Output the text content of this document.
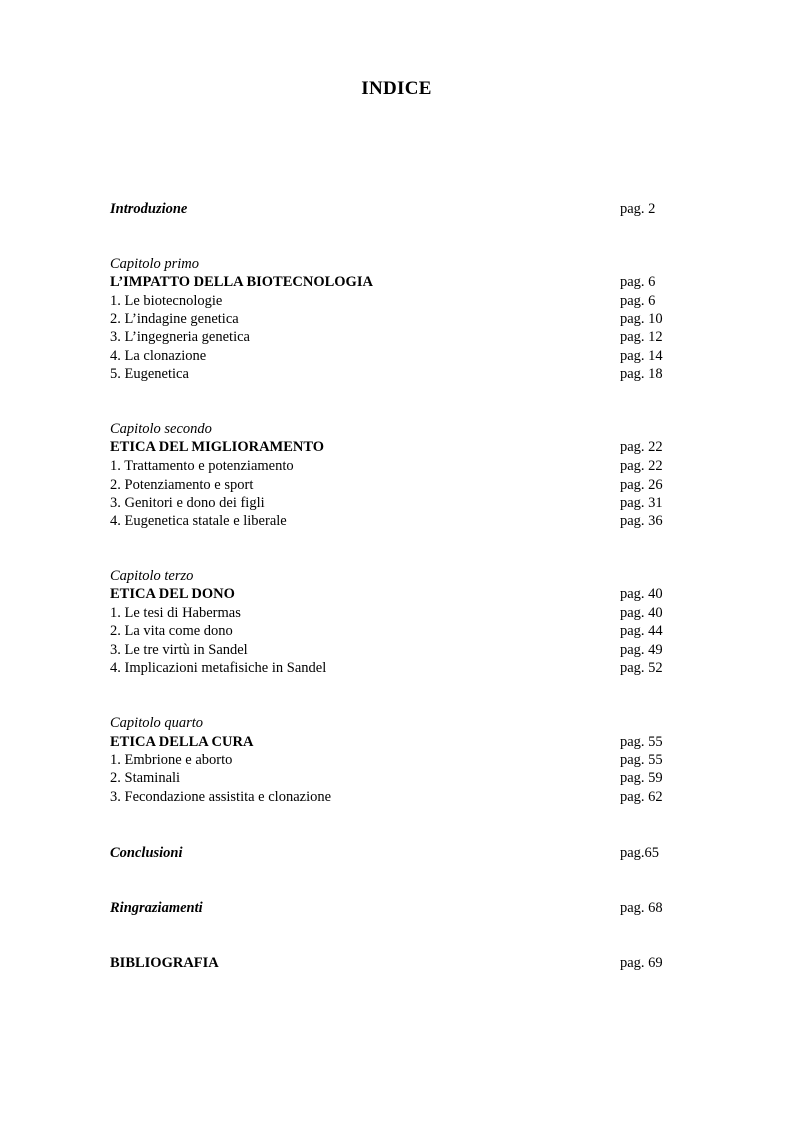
INDICE
Introduzione	pag. 2
Capitolo primo
L’IMPATTO DELLA BIOTECNOLOGIA	pag. 6
1. Le biotecnologie	pag. 6
2. L’indagine genetica	pag. 10
3. L’ingegneria genetica	pag. 12
4. La clonazione	pag. 14
5. Eugenetica	pag. 18
Capitolo secondo
ETICA DEL MIGLIORAMENTO	pag. 22
1. Trattamento e potenziamento	pag. 22
2. Potenziamento e sport	pag. 26
3. Genitori e dono dei figli	pag. 31
4. Eugenetica statale e liberale	pag. 36
Capitolo terzo
ETICA DEL DONO	pag. 40
1. Le tesi di Habermas	pag. 40
2. La vita come dono	pag. 44
3. Le tre virtù in Sandel	pag. 49
4. Implicazioni metafisiche in Sandel	pag. 52
Capitolo quarto
ETICA DELLA CURA	pag. 55
1. Embrione e aborto	pag. 55
2. Staminali	pag. 59
3. Fecondazione assistita e clonazione	pag. 62
Conclusioni	pag.65
Ringraziamenti	pag. 68
BIBLIOGRAFIA	pag. 69
